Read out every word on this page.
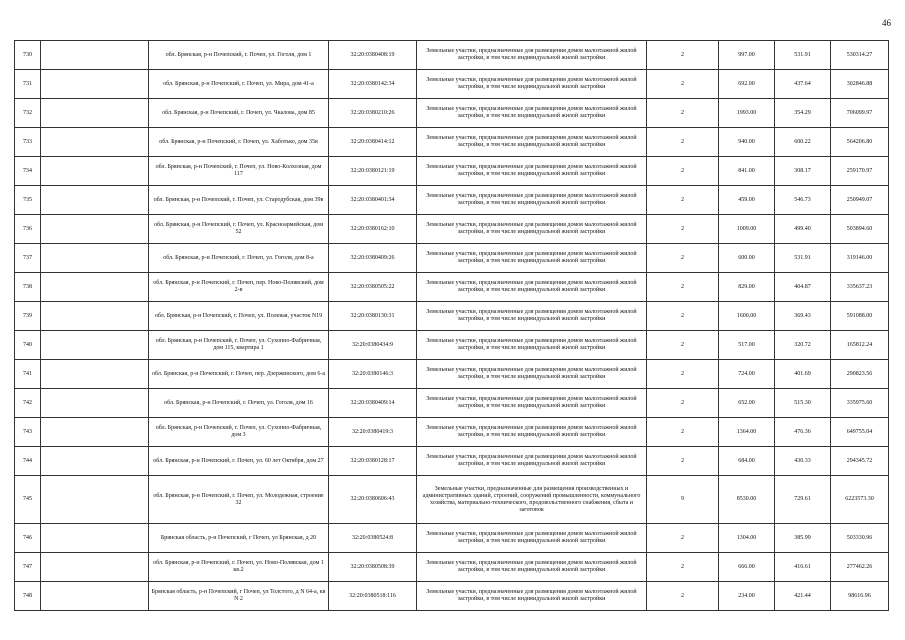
46
730		обл. Брянская, р-н Почепский, г. Почеп, ул. Гоголя, дом 1	32:20:0380408:19	Земельные участки, предназначенные для размещения домов малоэтажной жилой застройки, в том числе индивидуальной жилой застройки	2	997.00	531.91	530314.27
731		обл. Брянская, р-н Почепский, г. Почеп, ул. Мира, дом 41-а	32:20:0380142:34	Земельные участки, предназначенные для размещения домов малоэтажной жилой застройки, в том числе индивидуальной жилой застройки	2	692.00	437.64	302846.88
732		обл. Брянская, р-н Почепский, г. Почеп, ул. Чкалова, дом 85	32:20:0380210:26	Земельные участки, предназначенные для размещения домов малоэтажной жилой застройки, в том числе индивидуальной жилой застройки	2	1993.00	354.29	706099.97
733		обл. Брянская, р-н Почепский, г. Почеп, ул. Хаботько, дом 35в	32:20:0380414:12	Земельные участки, предназначенные для размещения домов малоэтажной жилой застройки, в том числе индивидуальной жилой застройки	2	940.00	600.22	564206.80
734		обл. Брянская, р-н Почепский, г. Почеп, ул. Ново-Колхозная, дом 117	32:20:0380121:19	Земельные участки, предназначенные для размещения домов малоэтажной жилой застройки, в том числе индивидуальной жилой застройки	2	841.00	308.17	259170.97
735		обл. Брянская, р-н Почепский, г. Почеп, ул. Стародубская, дом 39в	32:20:0380401:34	Земельные участки, предназначенные для размещения домов малоэтажной жилой застройки, в том числе индивидуальной жилой застройки	2	459.00	546.73	250949.07
736		обл. Брянская, р-н Почепский, г. Почеп, ул. Красноармейская, дом 52	32:20:0380162:10	Земельные участки, предназначенные для размещения домов малоэтажной жилой застройки, в том числе индивидуальной жилой застройки	2	1009.00	499.40	503894.60
737		обл. Брянская, р-н Почепский, г. Почеп, ул. Гоголя, дом 8-а	32:20:0380409:26	Земельные участки, предназначенные для размещения домов малоэтажной жилой застройки, в том числе индивидуальной жилой застройки	2	600.00	531.91	319146.00
738		обл. Брянская, р-н Почепский, г. Почеп, пер. Ново-Полявский, дом 2-в	32:20:0380505:22	Земельные участки, предназначенные для размещения домов малоэтажной жилой застройки, в том числе индивидуальной жилой застройки	2	829.00	404.87	335637.23
739		обл. Брянская, р-н Почепский, г. Почеп, ул. Полевая, участок N19	32:20:0380130:31	Земельные участки, предназначенные для размещения домов малоэтажной жилой застройки, в том числе индивидуальной жилой застройки	2	1600.00	369.43	591088.00
740		обл. Брянская, р-н Почепский, г. Почеп, ул. Сухопно-Фабричная, дом 115, квартира 1	32:20:0380434:9	Земельные участки, предназначенные для размещения домов малоэтажной жилой застройки, в том числе индивидуальной жилой застройки	2	517.00	320.72	165812.24
741		обл. Брянская, р-н Почепский, г. Почеп, пер. Дзержинского, дом 6-а	32:20:0380146:3	Земельные участки, предназначенные для размещения домов малоэтажной жилой застройки, в том числе индивидуальной жилой застройки	2	724.00	401.69	290823.56
742		обл. Брянская, р-н Почепский, г. Почеп, ул. Гоголя, дом 16	32:20:0380409:14	Земельные участки, предназначенные для размещения домов малоэтажной жилой застройки, в том числе индивидуальной жилой застройки	2	652.00	515.30	335975.60
743		обл. Брянская, р-н Почепский, г. Почеп, ул. Сухопно-Фабричная, дом 3	32:20:0380419:3	Земельные участки, предназначенные для размещения домов малоэтажной жилой застройки, в том числе индивидуальной жилой застройки	2	1364.00	476.36	649755.04
744		обл. Брянская, р-н Почепский, г. Почеп, ул. 60 лет Октября, дом 27	32:20:0380128:17	Земельные участки, предназначенные для размещения домов малоэтажной жилой застройки, в том числе индивидуальной жилой застройки	2	684.00	430.33	294345.72
745		обл. Брянская, р-н Почепский, г. Почеп, ул. Молодежная, строение 32	32:20:0380606:43	Земельные участки, предназначенные для размещения производственных и административных зданий, строений, сооружений промышленности, коммунального хозяйства, материально-технического, продовольственного снабжения, сбыта и заготовок	9	8530.00	729.61	6223573.30
746		Брянская область, р-н Почепский, г Почеп, ул Брянская, д 20	32:20:0380524:8	Земельные участки, предназначенные для размещения домов малоэтажной жилой застройки, в том числе индивидуальной жилой застройки	2	1304.00	385.99	503330.96
747		обл. Брянская, р-н Почепский, г. Почеп, ул. Ново-Полявская, дом 1 кв.2	32:20:0380508:39	Земельные участки, предназначенные для размещения домов малоэтажной жилой застройки, в том числе индивидуальной жилой застройки	2	666.00	416.61	277462.26
748		Брянская область, р-н Почепский, г Почеп, ул Толстого, д N 64-а, кв N 2	32:20:0380518:116	Земельные участки, предназначенные для размещения домов малоэтажной жилой застройки, в том числе индивидуальной жилой застройки	2	234.00	421.44	98616.96
